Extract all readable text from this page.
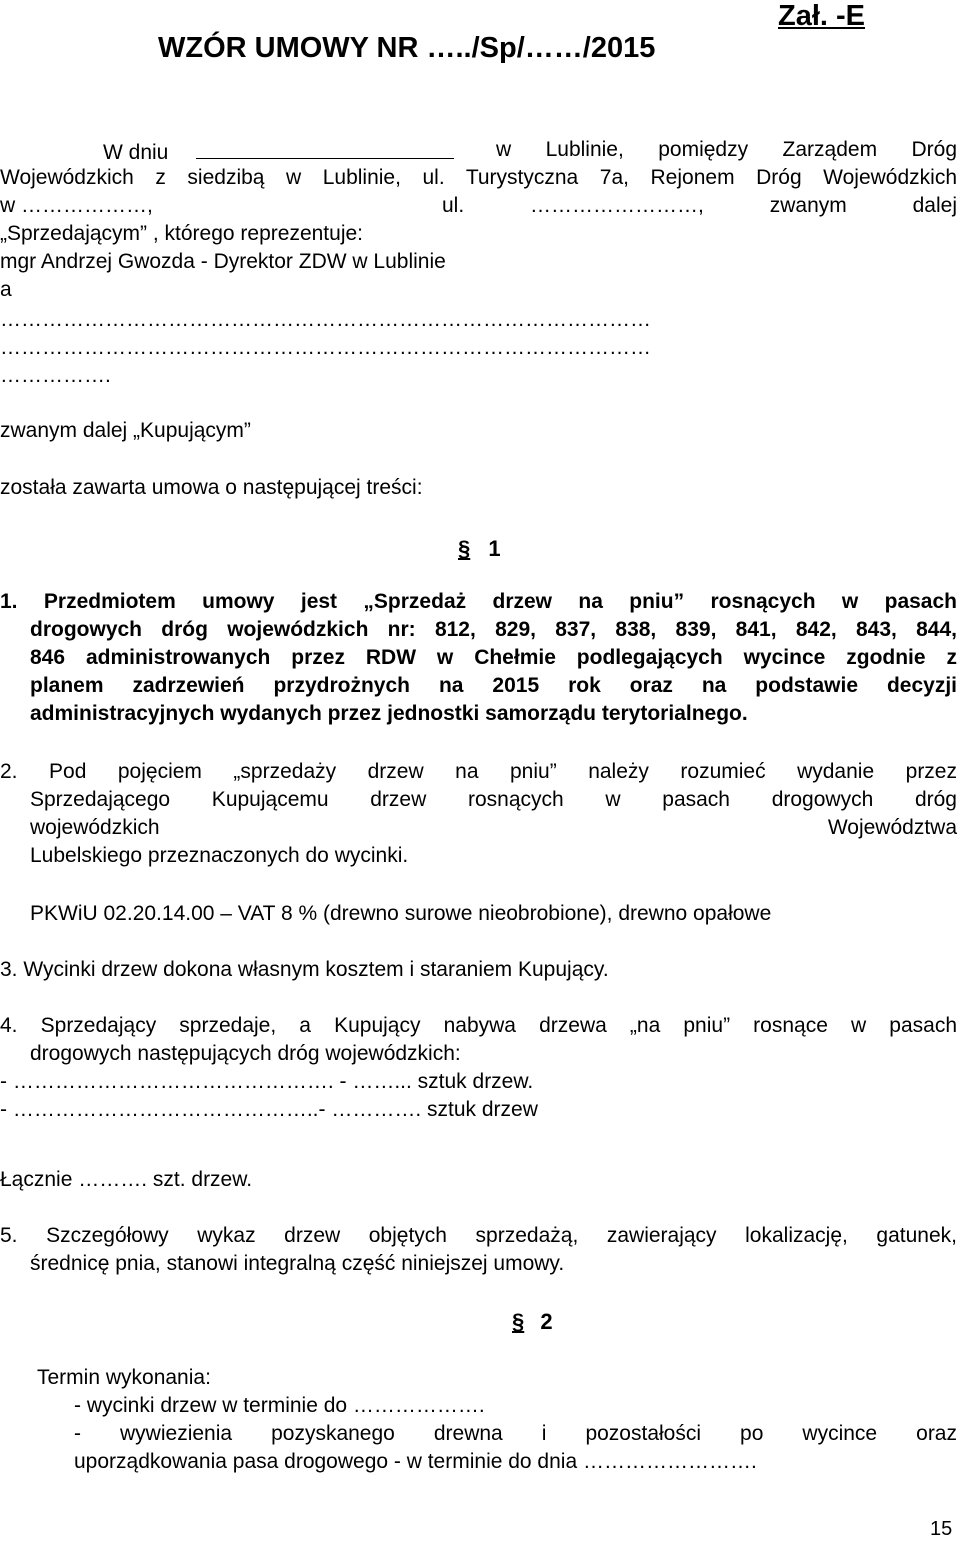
WZÓR UMOWY NR …../Sp/……/2015
Zał. -E
W dniu	w Lublinie, pomiędzy Zarządem Dróg
Wojewódzkich z siedzibą w Lublinie, ul. Turystyczna 7a, Rejonem Dróg Wojewódzkich
w ………………,	ul. ……………………, zwanym dalej
„Sprzedającym” , którego reprezentuje:
mgr Andrzej Gwozda - Dyrektor ZDW w Lublinie
a
…………………………………………………………………………………
…………………………………………………………………………………
…………….
zwanym dalej „Kupującym”
została zawarta umowa o następującej treści:
§ 1
1. Przedmiotem umowy jest „Sprzedaż drzew na pniu” rosnących w pasach
drogowych dróg wojewódzkich nr: 812, 829, 837, 838, 839, 841, 842, 843, 844,
846 administrowanych przez RDW w Chełmie podlegających wycince zgodnie z
planem zadrzewień przydrożnych na 2015 rok oraz na podstawie decyzji
administracyjnych wydanych przez jednostki samorządu terytorialnego.
2. Pod pojęciem „sprzedaży drzew na pniu” należy rozumieć wydanie przez
Sprzedającego Kupującemu drzew rosnących w pasach drogowych dróg
wojewódzkich Województwa
Lubelskiego przeznaczonych do wycinki.
PKWiU 02.20.14.00 – VAT 8 % (drewno surowe nieobrobione), drewno opałowe
3. Wycinki drzew dokona własnym kosztem i staraniem Kupujący.
4. Sprzedający sprzedaje, a Kupujący nabywa drzewa „na pniu” rosnące w pasach
drogowych następujących dróg wojewódzkich:
- ………………………………………. - ……... sztuk drzew.
- ……………………………………..- …………. sztuk drzew
Łącznie ………. szt. drzew.
5. Szczegółowy wykaz drzew objętych sprzedażą, zawierający lokalizację, gatunek,
średnicę pnia, stanowi integralną część niniejszej umowy.
§ 2
Termin wykonania:
- wycinki drzew w terminie do ……………….
- wywiezienia pozyskanego drewna i pozostałości po wycince oraz
uporządkowania pasa drogowego - w terminie do dnia …………………….
15
